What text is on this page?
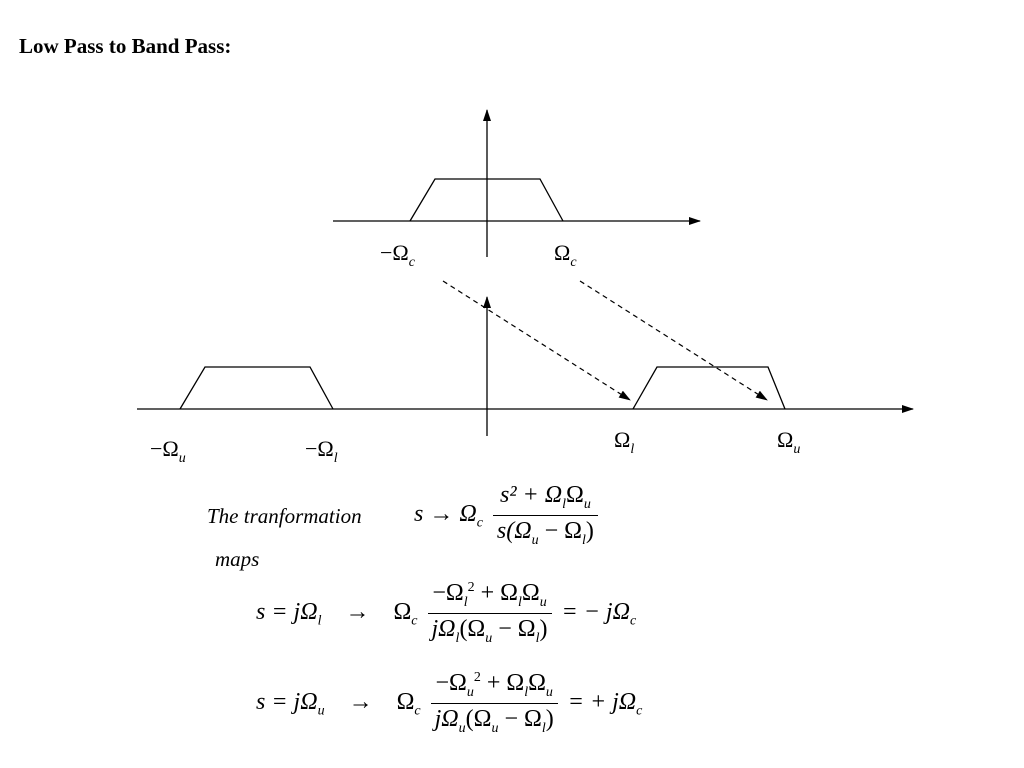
Low Pass to Band Pass:
$-\Omega_c$	$\Omega_c$
$-\Omega_u$	$-\Omega_l$
$\Omega_l$	$\Omega_u$
The tranformation
maps
$s \to \Omega_c \frac{s^2 + \Omega_l\Omega_u}{s(\Omega_u - \Omega_l)}$
$s = j\Omega_l \to \Omega_c \frac{-\Omega_l^2 + \Omega_l\Omega_u}{j\Omega_l(\Omega_u - \Omega_l)}$ = − $j\Omega_c$
$s = j\Omega_u \to \Omega_c \frac{-\Omega_u^2 + \Omega_l\Omega_u}{j\Omega_u(\Omega_u - \Omega_l)}$ = + $j\Omega_c$
